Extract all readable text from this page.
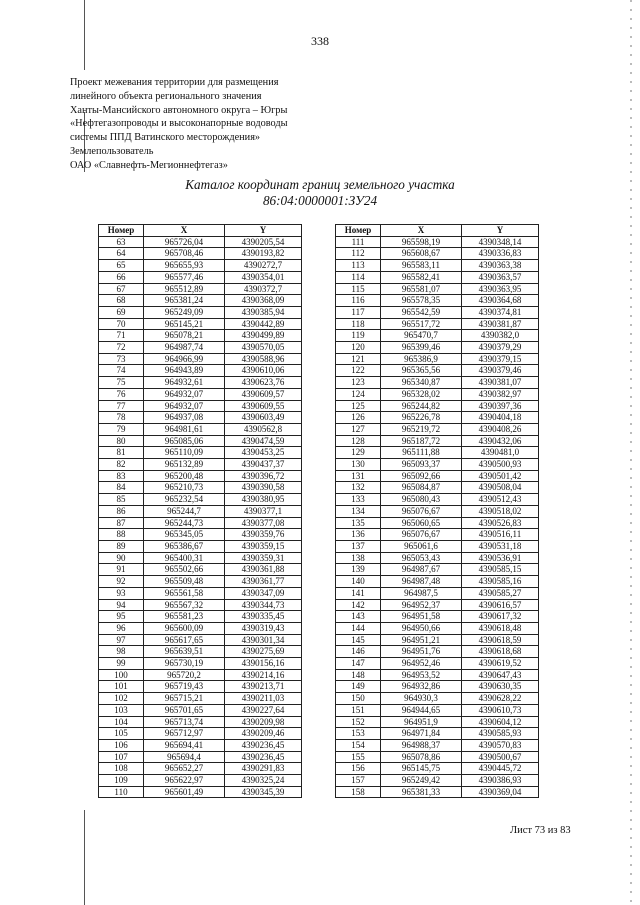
338
Проект межевания территории для размещения
линейного объекта регионального значения
Ханты-Мансийского автономного округа – Югры
«Нефтегазопроводы и высоконапорные водоводы
системы ППД Ватинского месторождения»
Землепользователь
ОАО «Славнефть-Мегионнефтегаз»
Каталог координат границ земельного участка
86:04:0000001:ЗУ24
Номер	X	Y
63	965726,04	4390205,54
64	965708,46	4390193,82
65	965655,93	4390272,7
66	965577,46	4390354,01
67	965512,89	4390372,7
68	965381,24	4390368,09
69	965249,09	4390385,94
70	965145,21	4390442,89
71	965078,21	4390499,89
72	964987,74	4390570,05
73	964966,99	4390588,96
74	964943,89	4390610,06
75	964932,61	4390623,76
76	964932,07	4390609,57
77	964932,07	4390609,55
78	964937,08	4390603,49
79	964981,61	4390562,8
80	965085,06	4390474,59
81	965110,09	4390453,25
82	965132,89	4390437,37
83	965200,48	4390396,72
84	965210,73	4390390,58
85	965232,54	4390380,95
86	965244,7	4390377,1
87	965244,73	4390377,08
88	965345,05	4390359,76
89	965386,67	4390359,15
90	965400,31	4390359,31
91	965502,66	4390361,88
92	965509,48	4390361,77
93	965561,58	4390347,09
94	965567,32	4390344,73
95	965581,23	4390335,45
96	965600,09	4390319,43
97	965617,65	4390301,34
98	965639,51	4390275,69
99	965730,19	4390156,16
100	965720,2	4390214,16
101	965719,43	4390213,71
102	965715,21	4390211,03
103	965701,65	4390227,64
104	965713,74	4390209,98
105	965712,97	4390209,46
106	965694,41	4390236,45
107	965694,4	4390236,45
108	965652,27	4390291,83
109	965622,97	4390325,24
110	965601,49	4390345,39
Номер	X	Y
111	965598,19	4390348,14
112	965608,67	4390336,83
113	965583,11	4390363,38
114	965582,41	4390363,57
115	965581,07	4390363,95
116	965578,35	4390364,68
117	965542,59	4390374,81
118	965517,72	4390381,87
119	965470,7	4390382,0
120	965399,46	4390379,29
121	965386,9	4390379,15
122	965365,56	4390379,46
123	965340,87	4390381,07
124	965328,02	4390382,97
125	965244,82	4390397,36
126	965226,78	4390404,18
127	965219,72	4390408,26
128	965187,72	4390432,06
129	965111,88	4390481,0
130	965093,37	4390500,93
131	965092,66	4390501,42
132	965084,87	4390508,04
133	965080,43	4390512,43
134	965076,67	4390518,02
135	965060,65	4390526,83
136	965076,67	4390516,11
137	965061,6	4390531,18
138	965053,43	4390536,91
139	964987,67	4390585,15
140	964987,48	4390585,16
141	964987,5	4390585,27
142	964952,37	4390616,57
143	964951,58	4390617,32
144	964950,66	4390618,48
145	964951,21	4390618,59
146	964951,76	4390618,68
147	964952,46	4390619,52
148	964953,52	4390647,43
149	964932,86	4390630,35
150	964930,3	4390628,22
151	964944,65	4390610,73
152	964951,9	4390604,12
153	964971,84	4390585,93
154	964988,37	4390570,83
155	965078,86	4390500,67
156	965145,75	4390445,72
157	965249,42	4390386,93
158	965381,33	4390369,04
Лист 73 из 83
